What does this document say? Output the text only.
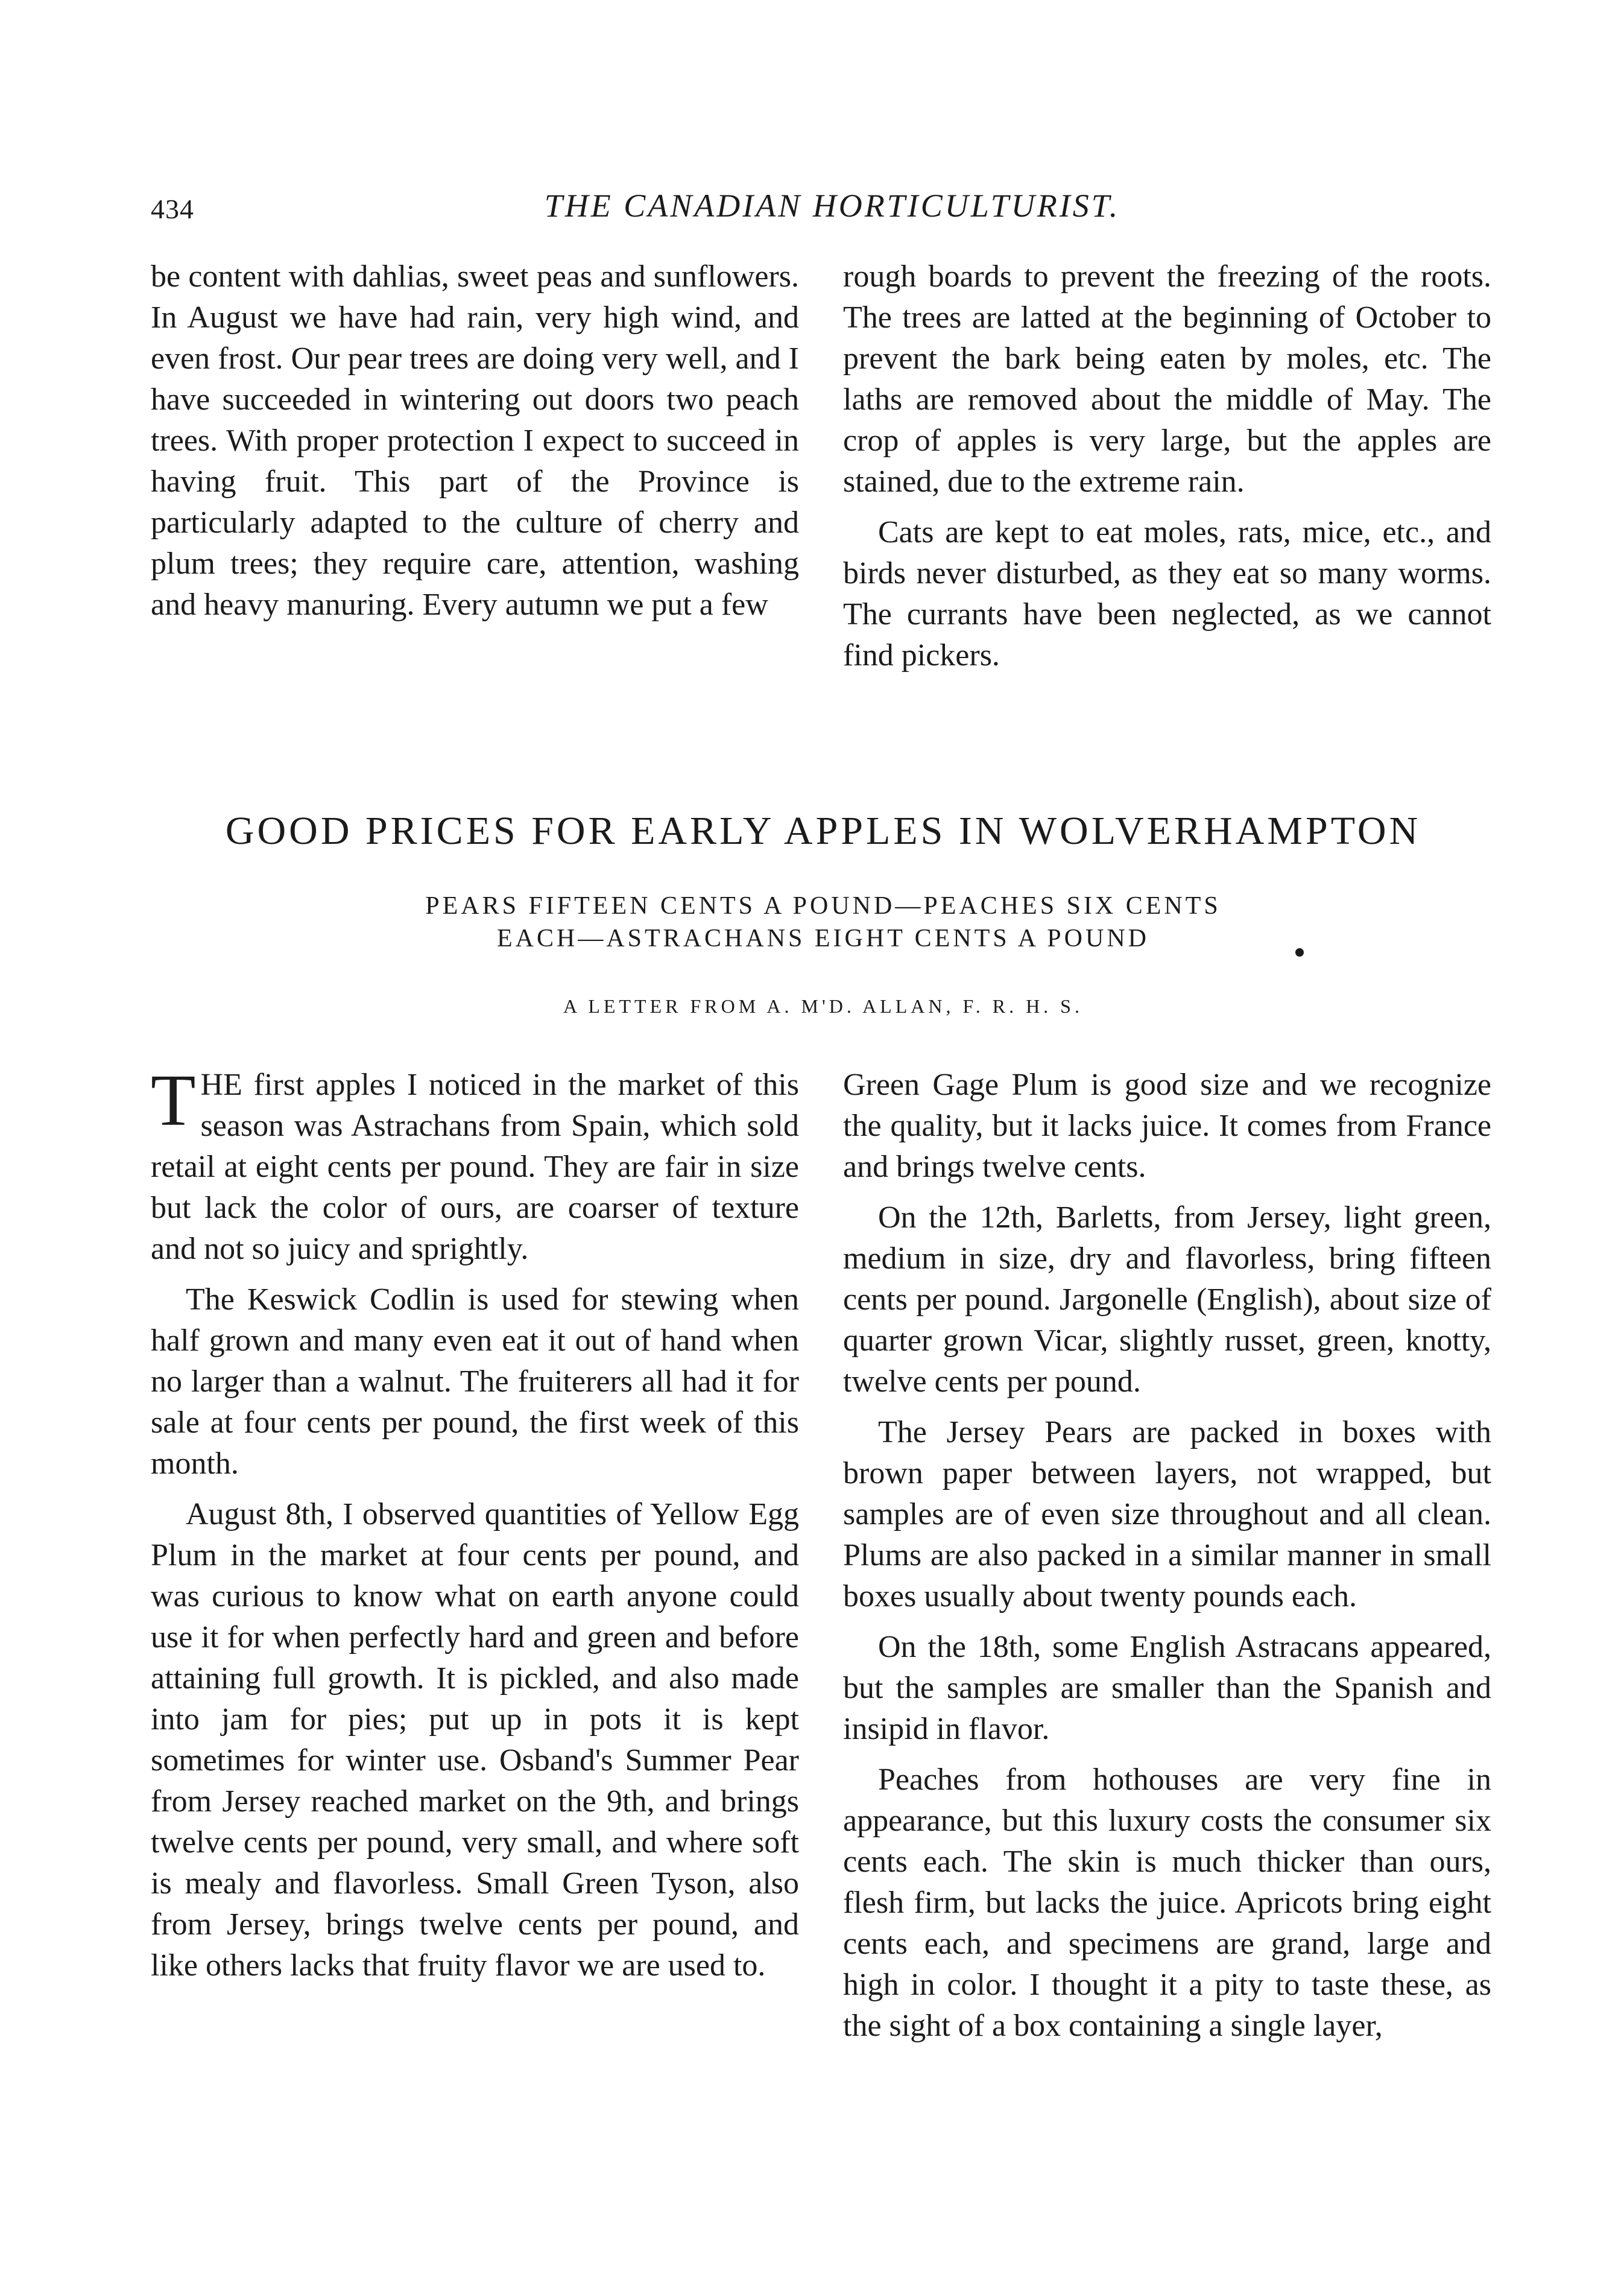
434	THE CANADIAN HORTICULTURIST.

be content with dahlias, sweet peas and sunflowers. In August we have had rain, very high wind, and even frost. Our pear trees are doing very well, and I have succeeded in wintering out doors two peach trees. With proper protection I expect to succeed in having fruit. This part of the Province is particularly adapted to the culture of cherry and plum trees; they require care, attention, washing and heavy manuring. Every autumn we put a few

rough boards to prevent the freezing of the roots. The trees are latted at the beginning of October to prevent the bark being eaten by moles, etc. The laths are removed about the middle of May. The crop of apples is very large, but the apples are stained, due to the extreme rain.

Cats are kept to eat moles, rats, mice, etc., and birds never disturbed, as they eat so many worms. The currants have been neglected, as we cannot find pickers.

GOOD PRICES FOR EARLY APPLES IN WOLVERHAMPTON
PEARS FIFTEEN CENTS A POUND—PEACHES SIX CENTS
EACH—ASTRACHANS EIGHT CENTS A POUND
A LETTER FROM A. M'D. ALLAN, F. R. H. S.

THE first apples I noticed in the market of this season was Astrachans from Spain, which sold retail at eight cents per pound. They are fair in size but lack the color of ours, are coarser of texture and not so juicy and sprightly.

The Keswick Codlin is used for stewing when half grown and many even eat it out of hand when no larger than a walnut. The fruiterers all had it for sale at four cents per pound, the first week of this month.

August 8th, I observed quantities of Yellow Egg Plum in the market at four cents per pound, and was curious to know what on earth anyone could use it for when perfectly hard and green and before attaining full growth. It is pickled, and also made into jam for pies; put up in pots it is kept sometimes for winter use. Osband's Summer Pear from Jersey reached market on the 9th, and brings twelve cents per pound, very small, and where soft is mealy and flavorless. Small Green Tyson, also from Jersey, brings twelve cents per pound, and like others lacks that fruity flavor we are used to.

Green Gage Plum is good size and we recognize the quality, but it lacks juice. It comes from France and brings twelve cents.

On the 12th, Barletts, from Jersey, light green, medium in size, dry and flavorless, bring fifteen cents per pound. Jargonelle (English), about size of quarter grown Vicar, slightly russet, green, knotty, twelve cents per pound.

The Jersey Pears are packed in boxes with brown paper between layers, not wrapped, but samples are of even size throughout and all clean. Plums are also packed in a similar manner in small boxes usually about twenty pounds each.

On the 18th, some English Astracans appeared, but the samples are smaller than the Spanish and insipid in flavor.

Peaches from hothouses are very fine in appearance, but this luxury costs the consumer six cents each. The skin is much thicker than ours, flesh firm, but lacks the juice. Apricots bring eight cents each, and specimens are grand, large and high in color. I thought it a pity to taste these, as the sight of a box containing a single layer,
